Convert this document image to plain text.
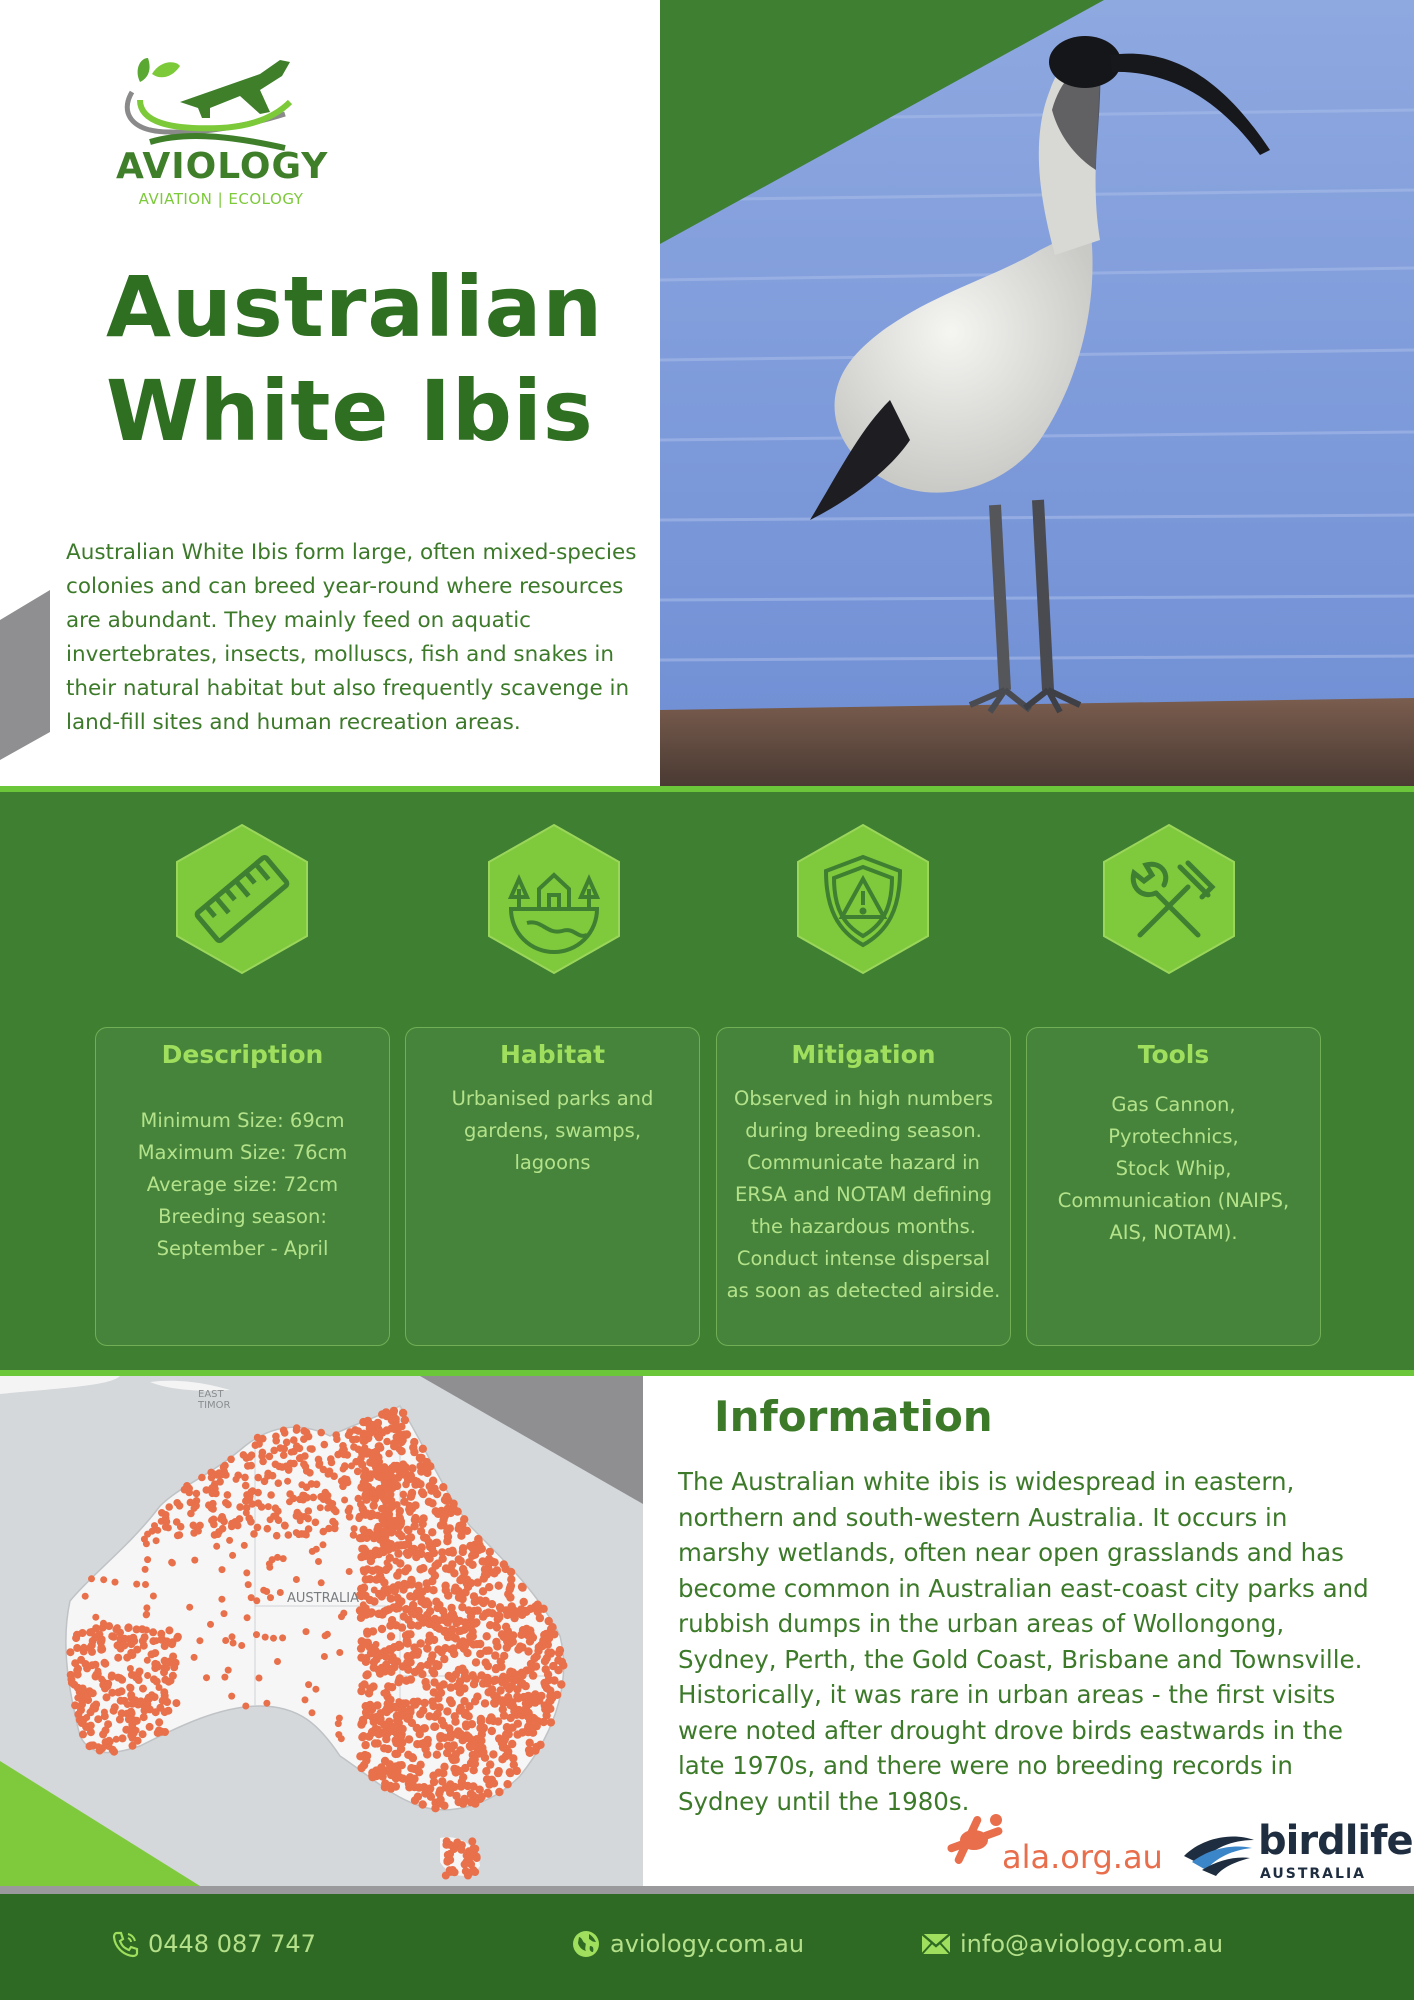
AVIOLOGY
AVIATION | ECOLOGY
Australian
White Ibis
Australian White Ibis form large, often mixed-species colonies and can breed year-round where resources are abundant. They mainly feed on aquatic invertebrates, insects, molluscs, fish and snakes in their natural habitat but also frequently scavenge in land-fill sites and human recreation areas.
Description
Minimum Size: 69cm
Maximum Size: 76cm
Average size: 72cm
Breeding season:
September - April
Habitat
Urbanised parks and
gardens, swamps,
lagoons
Mitigation
Observed in high numbers
during breeding season.
Communicate hazard in
ERSA and NOTAM defining
the hazardous months.
Conduct intense dispersal
as soon as detected airside.
Tools
Gas Cannon,
Pyrotechnics,
Stock Whip,
Communication (NAIPS,
AIS, NOTAM).
EAST
TIMOR
AUSTRALIA
Information
The Australian white ibis is widespread in eastern, northern and south-western Australia. It occurs in marshy wetlands, often near open grasslands and has become common in Australian east-coast city parks and rubbish dumps in the urban areas of Wollongong, Sydney, Perth, the Gold Coast, Brisbane and Townsville. Historically, it was rare in urban areas - the first visits were noted after drought drove birds eastwards in the late 1970s, and there were no breeding records in Sydney until the 1980s.
ala.org.au birdlife
AUSTRALIA
0448 087 747	aviology.com.au	info@aviology.com.au
